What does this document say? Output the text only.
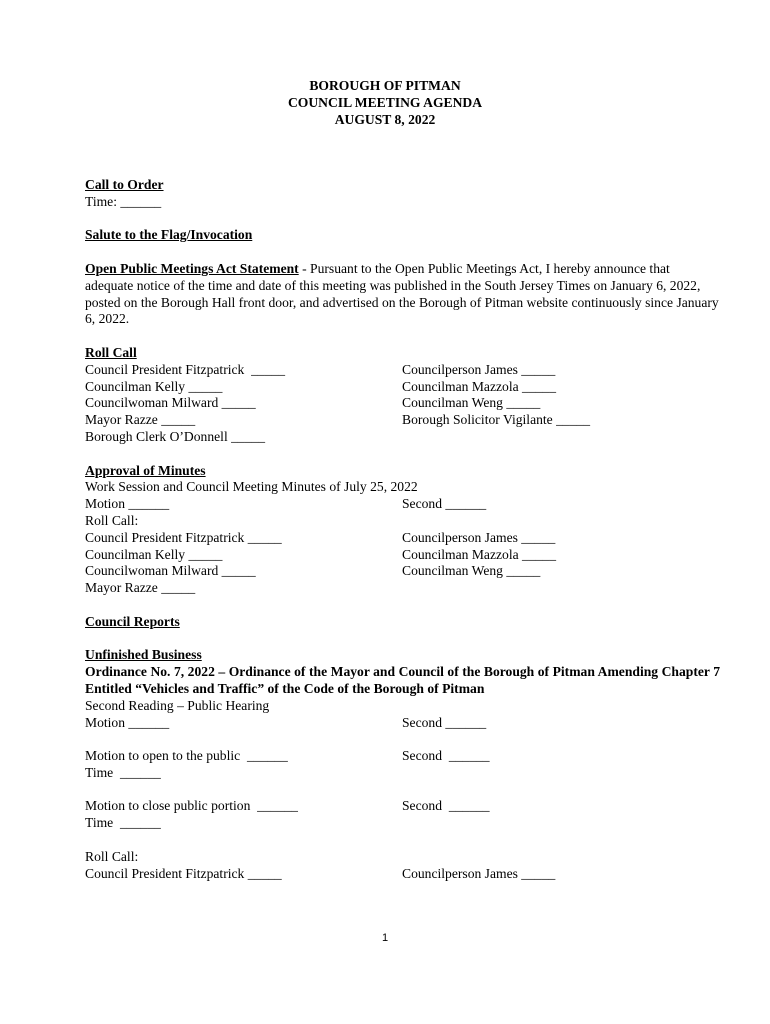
BOROUGH OF PITMAN
COUNCIL MEETING AGENDA
AUGUST 8, 2022
Call to Order
Time: ______
Salute to the Flag/Invocation
Open Public Meetings Act Statement - Pursuant to the Open Public Meetings Act, I hereby announce that adequate notice of the time and date of this meeting was published in the South Jersey Times on January 6, 2022, posted on the Borough Hall front door, and advertised on the Borough of Pitman website continuously since January 6, 2022.
Roll Call
Council President Fitzpatrick  _____	Councilperson James _____
Councilman Kelly _____	Councilman Mazzola _____
Councilwoman Milward _____	Councilman Weng _____
Mayor Razze _____	Borough Solicitor Vigilante _____
Borough Clerk O’Donnell _____
Approval of Minutes
Work Session and Council Meeting Minutes of July 25, 2022
Motion ______	Second ______
Roll Call:
Council President Fitzpatrick _____	Councilperson James _____
Councilman Kelly _____	Councilman Mazzola _____
Councilwoman Milward _____	Councilman Weng _____
Mayor Razze _____
Council Reports
Unfinished Business
Ordinance No. 7, 2022 – Ordinance of the Mayor and Council of the Borough of Pitman Amending Chapter 7 Entitled “Vehicles and Traffic” of the Code of the Borough of Pitman
Second Reading – Public Hearing
Motion ______	Second ______
Motion to open to the public  ______	Second  ______
Time  ______
Motion to close public portion  ______	Second  ______
Time  ______
Roll Call:
Council President Fitzpatrick _____	Councilperson James _____
1
